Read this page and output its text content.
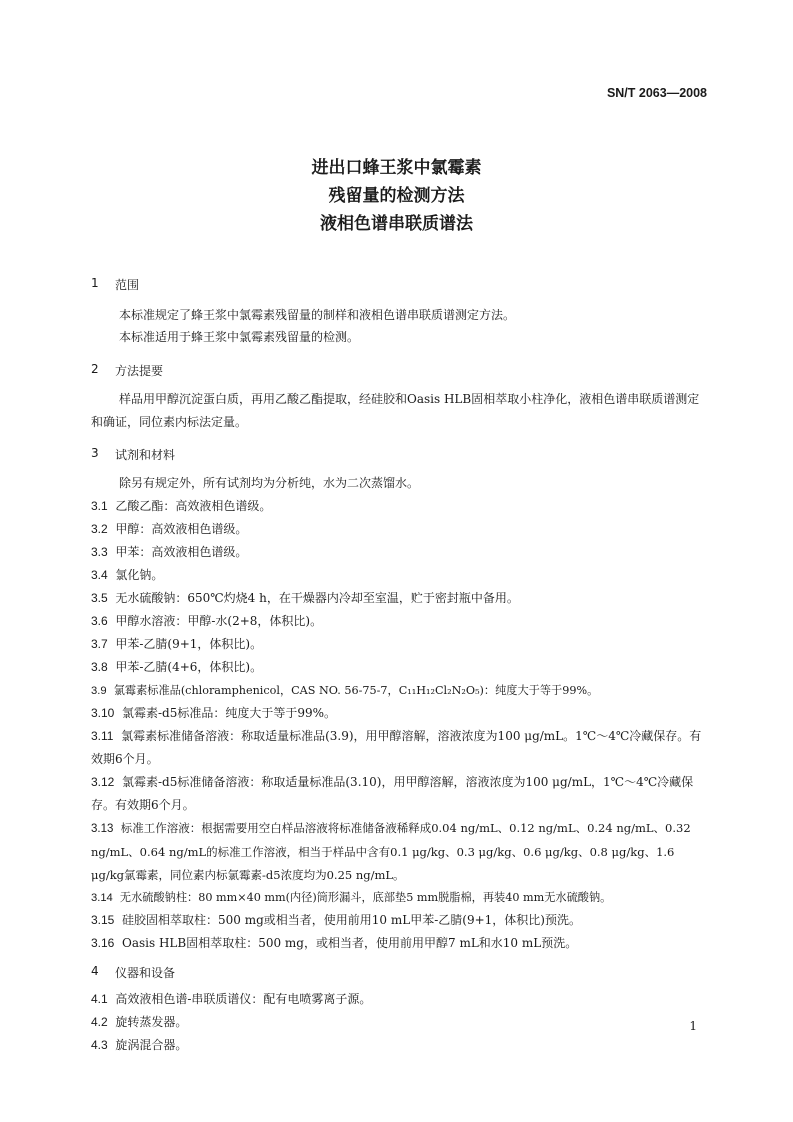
SN/T 2063—2008
进出口蜂王浆中氯霉素
残留量的检测方法
液相色谱串联质谱法
1 范围
本标准规定了蜂王浆中氯霉素残留量的制样和液相色谱串联质谱测定方法。
本标准适用于蜂王浆中氯霉素残留量的检测。
2 方法提要
样品用甲醇沉淀蛋白质，再用乙酸乙酯提取，经硅胶和Oasis HLB固相萃取小柱净化，液相色谱串联质谱测定和确证，同位素内标法定量。
3 试剂和材料
除另有规定外，所有试剂均为分析纯，水为二次蒸馏水。
3.1 乙酸乙酯：高效液相色谱级。
3.2 甲醇：高效液相色谱级。
3.3 甲苯：高效液相色谱级。
3.4 氯化钠。
3.5 无水硫酸钠：650℃灼烧4 h，在干燥器内冷却至室温，贮于密封瓶中备用。
3.6 甲醇水溶液：甲醇-水(2+8，体积比)。
3.7 甲苯-乙腈(9+1，体积比)。
3.8 甲苯-乙腈(4+6，体积比)。
3.9 氯霉素标准品(chloramphenicol，CAS NO. 56-75-7，C₁₁H₁₂Cl₂N₂O₅)：纯度大于等于99%。
3.10 氯霉素-d5标准品：纯度大于等于99%。
3.11 氯霉素标准储备溶液：称取适量标准品(3.9)，用甲醇溶解，溶液浓度为100 μg/mL。1℃～4℃冷藏保存。有效期6个月。
3.12 氯霉素-d5标准储备溶液：称取适量标准品(3.10)，用甲醇溶解，溶液浓度为100 μg/mL，1℃～4℃冷藏保存。有效期6个月。
3.13 标准工作溶液：根据需要用空白样品溶液将标准储备液稀释成0.04 ng/mL、0.12 ng/mL、0.24 ng/mL、0.32 ng/mL、0.64 ng/mL的标准工作溶液，相当于样品中含有0.1 μg/kg、0.3 μg/kg、0.6 μg/kg、0.8 μg/kg、1.6 μg/kg氯霉素，同位素内标氯霉素-d5浓度均为0.25 ng/mL。
3.14 无水硫酸钠柱：80 mm×40 mm(内径)筒形漏斗，底部垫5 mm脱脂棉，再装40 mm无水硫酸钠。
3.15 硅胶固相萃取柱：500 mg或相当者，使用前用10 mL甲苯-乙腈(9+1，体积比)预洗。
3.16 Oasis HLB固相萃取柱：500 mg，或相当者，使用前用甲醇7 mL和水10 mL预洗。
4 仪器和设备
4.1 高效液相色谱-串联质谱仪：配有电喷雾离子源。
4.2 旋转蒸发器。
4.3 旋涡混合器。
1
